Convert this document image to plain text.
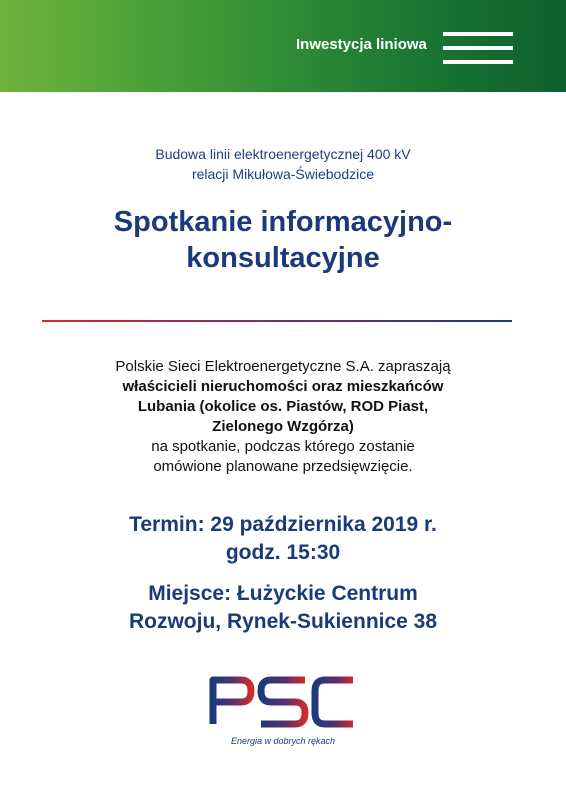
Inwestycja liniowa
Budowa linii elektroenergetycznej 400 kV
relacji Mikułowa-Świebodzice
Spotkanie informacyjno-
konsultacyjne
Polskie Sieci Elektroenergetyczne S.A. zapraszają
właścicieli nieruchomości oraz mieszkańców
Lubania (okolice os. Piastów, ROD Piast,
Zielonego Wzgórza)
na spotkanie, podczas którego zostanie
omówione planowane przedsięwzięcie.
Termin: 29 października 2019 r.
godz. 15:30
Miejsce: Łużyckie Centrum
Rozwoju, Rynek-Sukiennice 38
Energia w dobrych rękach
